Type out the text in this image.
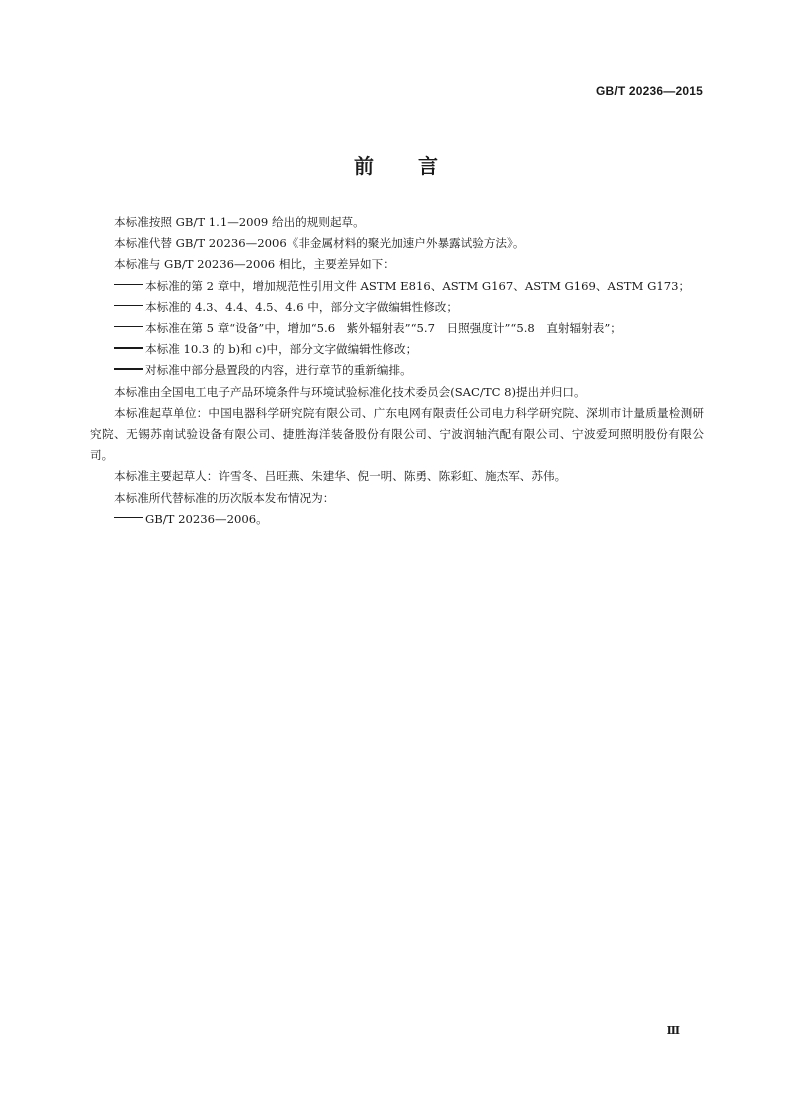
GB/T 20236—2015
前 言

本标准按照 GB/T 1.1—2009 给出的规则起草。

本标准代替 GB/T 20236—2006《非金属材料的聚光加速户外暴露试验方法》。

本标准与 GB/T 20236—2006 相比，主要差异如下：

本标准的第 2 章中，增加规范性引用文件 ASTM E816、ASTM G167、ASTM G169、ASTM G173；

本标准的 4.3、4.4、4.5、4.6 中，部分文字做编辑性修改；

本标准在第 5 章“设备”中，增加“5.6　紫外辐射表”“5.7　日照强度计”“5.8　直射辐射表”；

本标准 10.3 的 b)和 c)中，部分文字做编辑性修改；

对标准中部分悬置段的内容，进行章节的重新编排。

本标准由全国电工电子产品环境条件与环境试验标准化技术委员会(SAC/TC 8)提出并归口。

本标准起草单位：中国电器科学研究院有限公司、广东电网有限责任公司电力科学研究院、深圳市计量质量检测研究院、无锡苏南试验设备有限公司、捷胜海洋装备股份有限公司、宁波润轴汽配有限公司、宁波爱珂照明股份有限公司。

本标准主要起草人：许雪冬、吕旺燕、朱建华、倪一明、陈勇、陈彩虹、施杰军、苏伟。

本标准所代替标准的历次版本发布情况为：

GB/T 20236—2006。

Ⅲ
